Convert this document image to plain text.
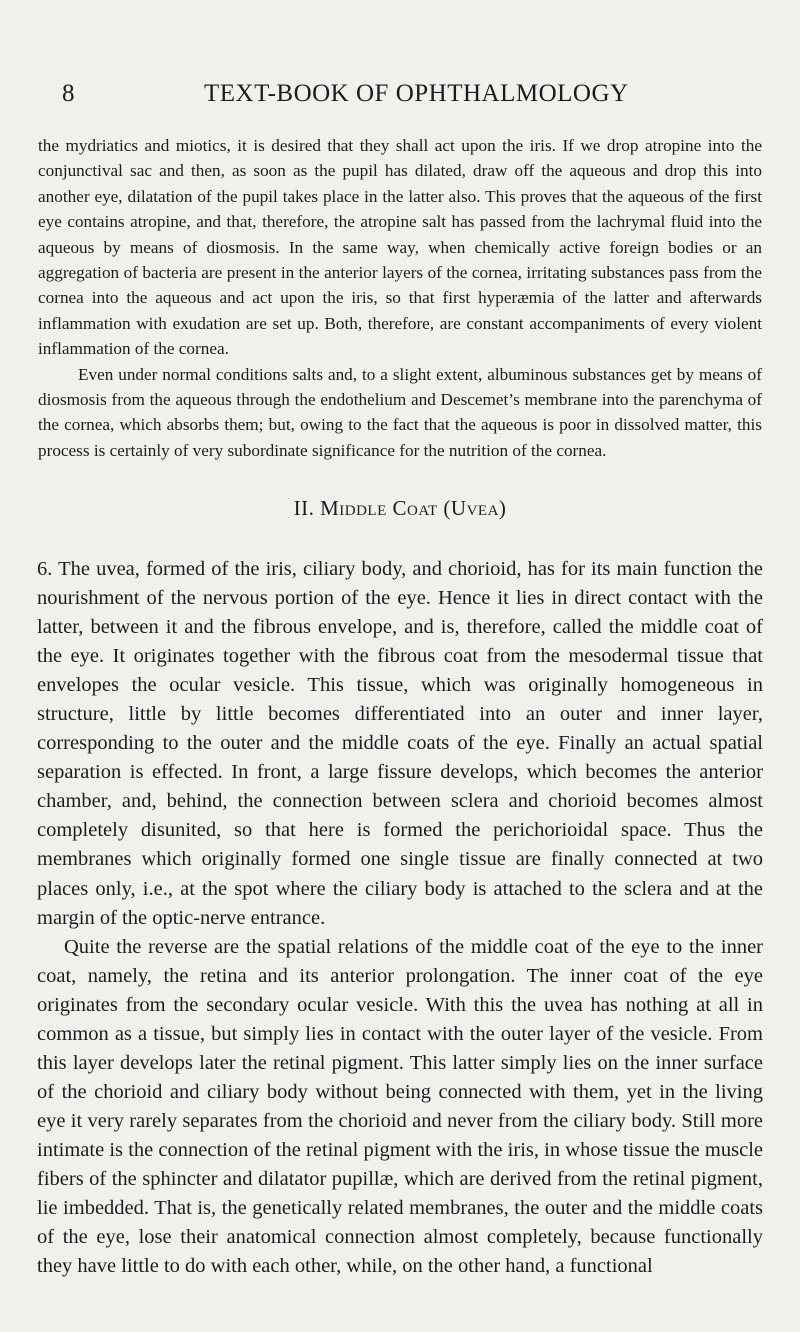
8	TEXT-BOOK OF OPHTHALMOLOGY

the mydriatics and miotics, it is desired that they shall act upon the iris. If we drop atropine into the conjunctival sac and then, as soon as the pupil has dilated, draw off the aqueous and drop this into another eye, dilatation of the pupil takes place in the latter also. This proves that the aqueous of the first eye contains atropine, and that, therefore, the atropine salt has passed from the lachrymal fluid into the aqueous by means of diosmosis. In the same way, when chemically active foreign bodies or an aggregation of bacteria are present in the anterior layers of the cornea, irritating substances pass from the cornea into the aqueous and act upon the iris, so that first hyperæmia of the latter and afterwards inflammation with exudation are set up. Both, therefore, are constant accompaniments of every violent inflammation of the cornea.

Even under normal conditions salts and, to a slight extent, albuminous substances get by means of diosmosis from the aqueous through the endothelium and Descemet’s membrane into the parenchyma of the cornea, which absorbs them; but, owing to the fact that the aqueous is poor in dissolved matter, this process is certainly of very subordinate significance for the nutrition of the cornea.

II. Middle Coat (Uvea)

6. The uvea, formed of the iris, ciliary body, and chorioid, has for its main function the nourishment of the nervous portion of the eye. Hence it lies in direct contact with the latter, between it and the fibrous envelope, and is, therefore, called the middle coat of the eye. It originates together with the fibrous coat from the mesodermal tissue that envelopes the ocular vesicle. This tissue, which was originally homogeneous in structure, little by little becomes differentiated into an outer and inner layer, corresponding to the outer and the middle coats of the eye. Finally an actual spatial separation is effected. In front, a large fissure develops, which becomes the anterior chamber, and, behind, the connection between sclera and chorioid becomes almost completely disunited, so that here is formed the perichorioidal space. Thus the membranes which originally formed one single tissue are finally connected at two places only, i.e., at the spot where the ciliary body is attached to the sclera and at the margin of the optic-nerve entrance.

Quite the reverse are the spatial relations of the middle coat of the eye to the inner coat, namely, the retina and its anterior prolongation. The inner coat of the eye originates from the secondary ocular vesicle. With this the uvea has nothing at all in common as a tissue, but simply lies in contact with the outer layer of the vesicle. From this layer develops later the retinal pigment. This latter simply lies on the inner surface of the chorioid and ciliary body without being connected with them, yet in the living eye it very rarely separates from the chorioid and never from the ciliary body. Still more intimate is the connection of the retinal pigment with the iris, in whose tissue the muscle fibers of the sphincter and dilatator pupillæ, which are derived from the retinal pigment, lie imbedded. That is, the genetically related membranes, the outer and the middle coats of the eye, lose their anatomical connection almost completely, because functionally they have little to do with each other, while, on the other hand, a functional
